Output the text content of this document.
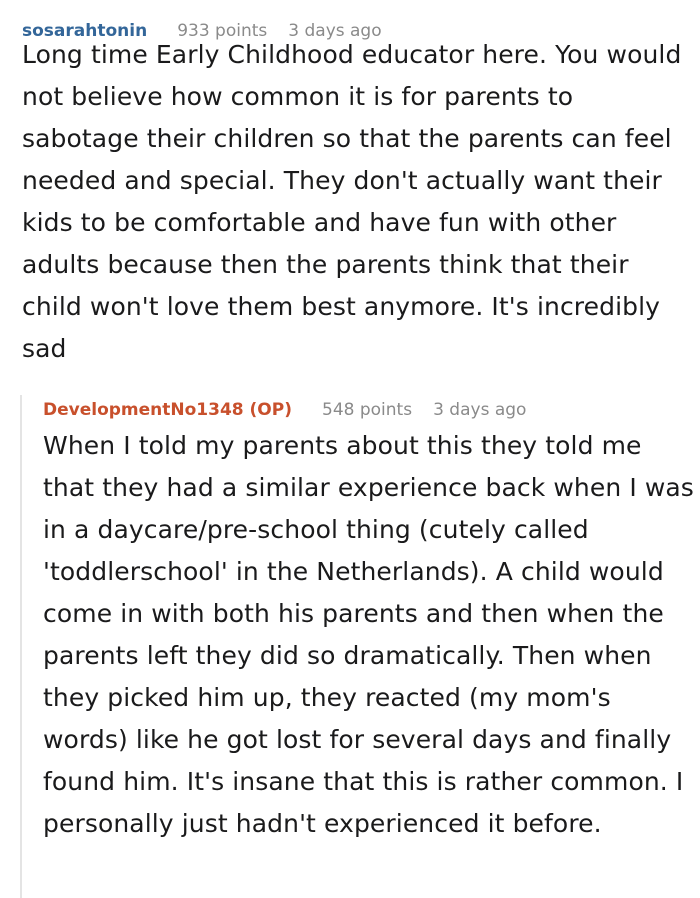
sosarahtonin 933 points 3 days ago

Long time Early Childhood educator here. You would not believe how common it is for parents to sabotage their children so that the parents can feel needed and special. They don't actually want their kids to be comfortable and have fun with other adults because then the parents think that their child won't love them best anymore. It's incredibly sad

DevelopmentNo1348 (OP) 548 points 3 days ago

When I told my parents about this they told me that they had a similar experience back when I was in a daycare/pre-school thing (cutely called 'toddlerschool' in the Netherlands). A child would come in with both his parents and then when the parents left they did so dramatically. Then when they picked him up, they reacted (my mom's words) like he got lost for several days and finally found him. It's insane that this is rather common. I personally just hadn't experienced it before.
